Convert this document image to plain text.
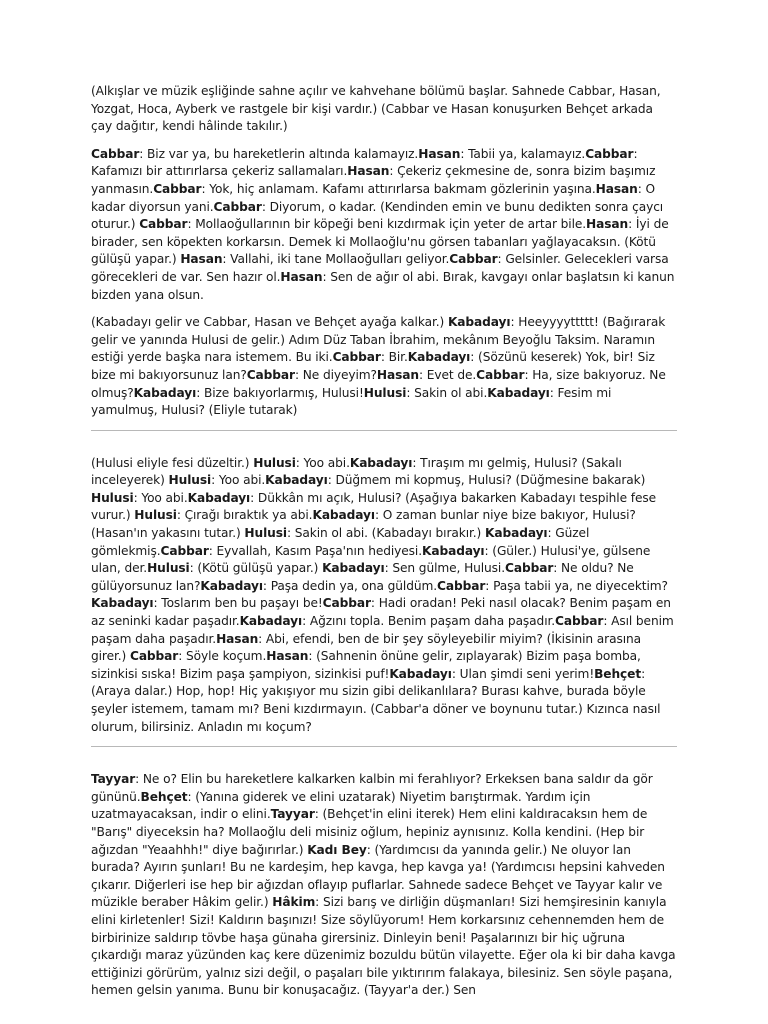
(Alkışlar ve müzik eşliğinde sahne açılır ve kahvehane bölümü başlar. Sahnede Cabbar, Hasan, Yozgat, Hoca, Ayberk ve rastgele bir kişi vardır.) (Cabbar ve Hasan konuşurken Behçet arkada çay dağıtır, kendi hâlinde takılır.)

Cabbar: Biz var ya, bu hareketlerin altında kalamayız.Hasan: Tabii ya, kalamayız.Cabbar: Kafamızı bir attırırlarsa çekeriz sallamaları.Hasan: Çekeriz çekmesine de, sonra bizim başımız yanmasın.Cabbar: Yok, hiç anlamam. Kafamı attırırlarsa bakmam gözlerinin yaşına.Hasan: O kadar diyorsun yani.Cabbar: Diyorum, o kadar. (Kendinden emin ve bunu dedikten sonra çaycı oturur.) Cabbar: Mollaoğullarının bir köpeği beni kızdırmak için yeter de artar bile.Hasan: İyi de birader, sen köpekten korkarsın. Demek ki Mollaoğlu'nu görsen tabanları yağlayacaksın. (Kötü gülüşü yapar.) Hasan: Vallahi, iki tane Mollaoğulları geliyor.Cabbar: Gelsinler. Gelecekleri varsa görecekleri de var. Sen hazır ol.Hasan: Sen de ağır ol abi. Bırak, kavgayı onlar başlatsın ki kanun bizden yana olsun.

(Kabadayı gelir ve Cabbar, Hasan ve Behçet ayağa kalkar.) Kabadayı: Heeyyyyttttt! (Bağırarak gelir ve yanında Hulusi de gelir.) Adım Düz Taban İbrahim, mekânım Beyoğlu Taksim. Naramın estiği yerde başka nara istemem. Bu iki.Cabbar: Bir.Kabadayı: (Sözünü keserek) Yok, bir! Siz bize mi bakıyorsunuz lan?Cabbar: Ne diyeyim?Hasan: Evet de.Cabbar: Ha, size bakıyoruz. Ne olmuş?Kabadayı: Bize bakıyorlarmış, Hulusi!Hulusi: Sakin ol abi.Kabadayı: Fesim mi yamulmuş, Hulusi? (Eliyle tutarak)

(Hulusi eliyle fesi düzeltir.) Hulusi: Yoo abi.Kabadayı: Tıraşım mı gelmiş, Hulusi? (Sakalı inceleyerek) Hulusi: Yoo abi.Kabadayı: Düğmem mi kopmuş, Hulusi? (Düğmesine bakarak) Hulusi: Yoo abi.Kabadayı: Dükkân mı açık, Hulusi? (Aşağıya bakarken Kabadayı tespihle fese vurur.) Hulusi: Çırağı bıraktık ya abi.Kabadayı: O zaman bunlar niye bize bakıyor, Hulusi? (Hasan'ın yakasını tutar.) Hulusi: Sakin ol abi. (Kabadayı bırakır.) Kabadayı: Güzel gömlekmiş.Cabbar: Eyvallah, Kasım Paşa'nın hediyesi.Kabadayı: (Güler.) Hulusi'ye, gülsene ulan, der.Hulusi: (Kötü gülüşü yapar.) Kabadayı: Sen gülme, Hulusi.Cabbar: Ne oldu? Ne gülüyorsunuz lan?Kabadayı: Paşa dedin ya, ona güldüm.Cabbar: Paşa tabii ya, ne diyecektim?Kabadayı: Toslarım ben bu paşayı be!Cabbar: Hadi oradan! Peki nasıl olacak? Benim paşam en az seninki kadar paşadır.Kabadayı: Ağzını topla. Benim paşam daha paşadır.Cabbar: Asıl benim paşam daha paşadır.Hasan: Abi, efendi, ben de bir şey söyleyebilir miyim? (İkisinin arasına girer.) Cabbar: Söyle koçum.Hasan: (Sahnenin önüne gelir, zıplayarak) Bizim paşa bomba, sizinkisi sıska! Bizim paşa şampiyon, sizinkisi puf!Kabadayı: Ulan şimdi seni yerim!Behçet: (Araya dalar.) Hop, hop! Hiç yakışıyor mu sizin gibi delikanlılara? Burası kahve, burada böyle şeyler istemem, tamam mı? Beni kızdırmayın. (Cabbar'a döner ve boynunu tutar.) Kızınca nasıl olurum, bilirsiniz. Anladın mı koçum?

Tayyar: Ne o? Elin bu hareketlere kalkarken kalbin mi ferahlıyor? Erkeksen bana saldır da gör gününü.Behçet: (Yanına giderek ve elini uzatarak) Niyetim barıştırmak. Yardım için uzatmayacaksan, indir o elini.Tayyar: (Behçet'in elini iterek) Hem elini kaldıracaksın hem de "Barış" diyeceksin ha? Mollaoğlu deli misiniz oğlum, hepiniz aynısınız. Kolla kendini. (Hep bir ağızdan "Yeaahhh!" diye bağırırlar.) Kadı Bey: (Yardımcısı da yanında gelir.) Ne oluyor lan burada? Ayırın şunları! Bu ne kardeşim, hep kavga, hep kavga ya! (Yardımcısı hepsini kahveden çıkarır. Diğerleri ise hep bir ağızdan oflayıp puflarlar. Sahnede sadece Behçet ve Tayyar kalır ve müzikle beraber Hâkim gelir.) Hâkim: Sizi barış ve dirliğin düşmanları! Sizi hemşiresinin kanıyla elini kirletenler! Sizi! Kaldırın başınızı! Size söylüyorum! Hem korkarsınız cehennemden hem de birbirinize saldırıp tövbe haşa günaha girersiniz. Dinleyin beni! Paşalarınızı bir hiç uğruna çıkardığı maraz yüzünden kaç kere düzenimiz bozuldu bütün vilayette. Eğer ola ki bir daha kavga ettiğinizi görürüm, yalnız sizi değil, o paşaları bile yıktırırım falakaya, bilesiniz. Sen söyle paşana, hemen gelsin yanıma. Bunu bir konuşacağız. (Tayyar'a der.) Sen
